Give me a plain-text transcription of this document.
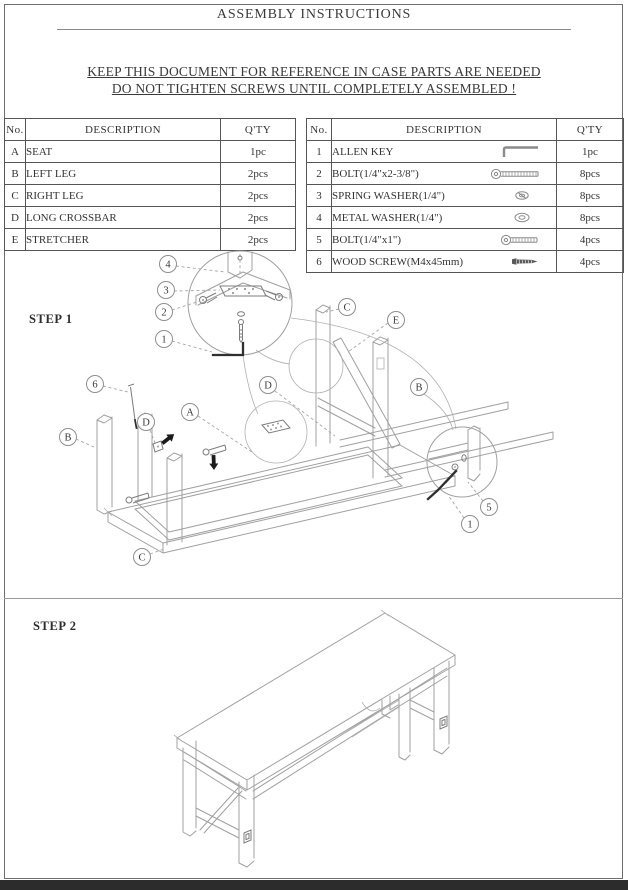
ASSEMBLY INSTRUCTIONS
KEEP THIS DOCUMENT FOR REFERENCE IN CASE PARTS ARE NEEDED
DO NOT TIGHTEN SCREWS UNTIL COMPLETELY ASSEMBLED !
No.	DESCRIPTION	Q'TY
A	SEAT	1pc
B	LEFT LEG	2pcs
C	RIGHT LEG	2pcs
D	LONG CROSSBAR	2pcs
E	STRETCHER	2pcs
No.	DESCRIPTION	Q'TY
1	ALLEN KEY	1pc
2	BOLT(1/4"x2-3/8")	8pcs
3	SPRING WASHER(1/4")	8pcs
4	METAL WASHER(1/4")	8pcs
5	BOLT(1/4"x1")	4pcs
6	WOOD SCREW(M4x45mm)	4pcs
STEP 1
STEP 2
4
3
2
1
6
5
1
A
B
B
C
C
D
D
E
